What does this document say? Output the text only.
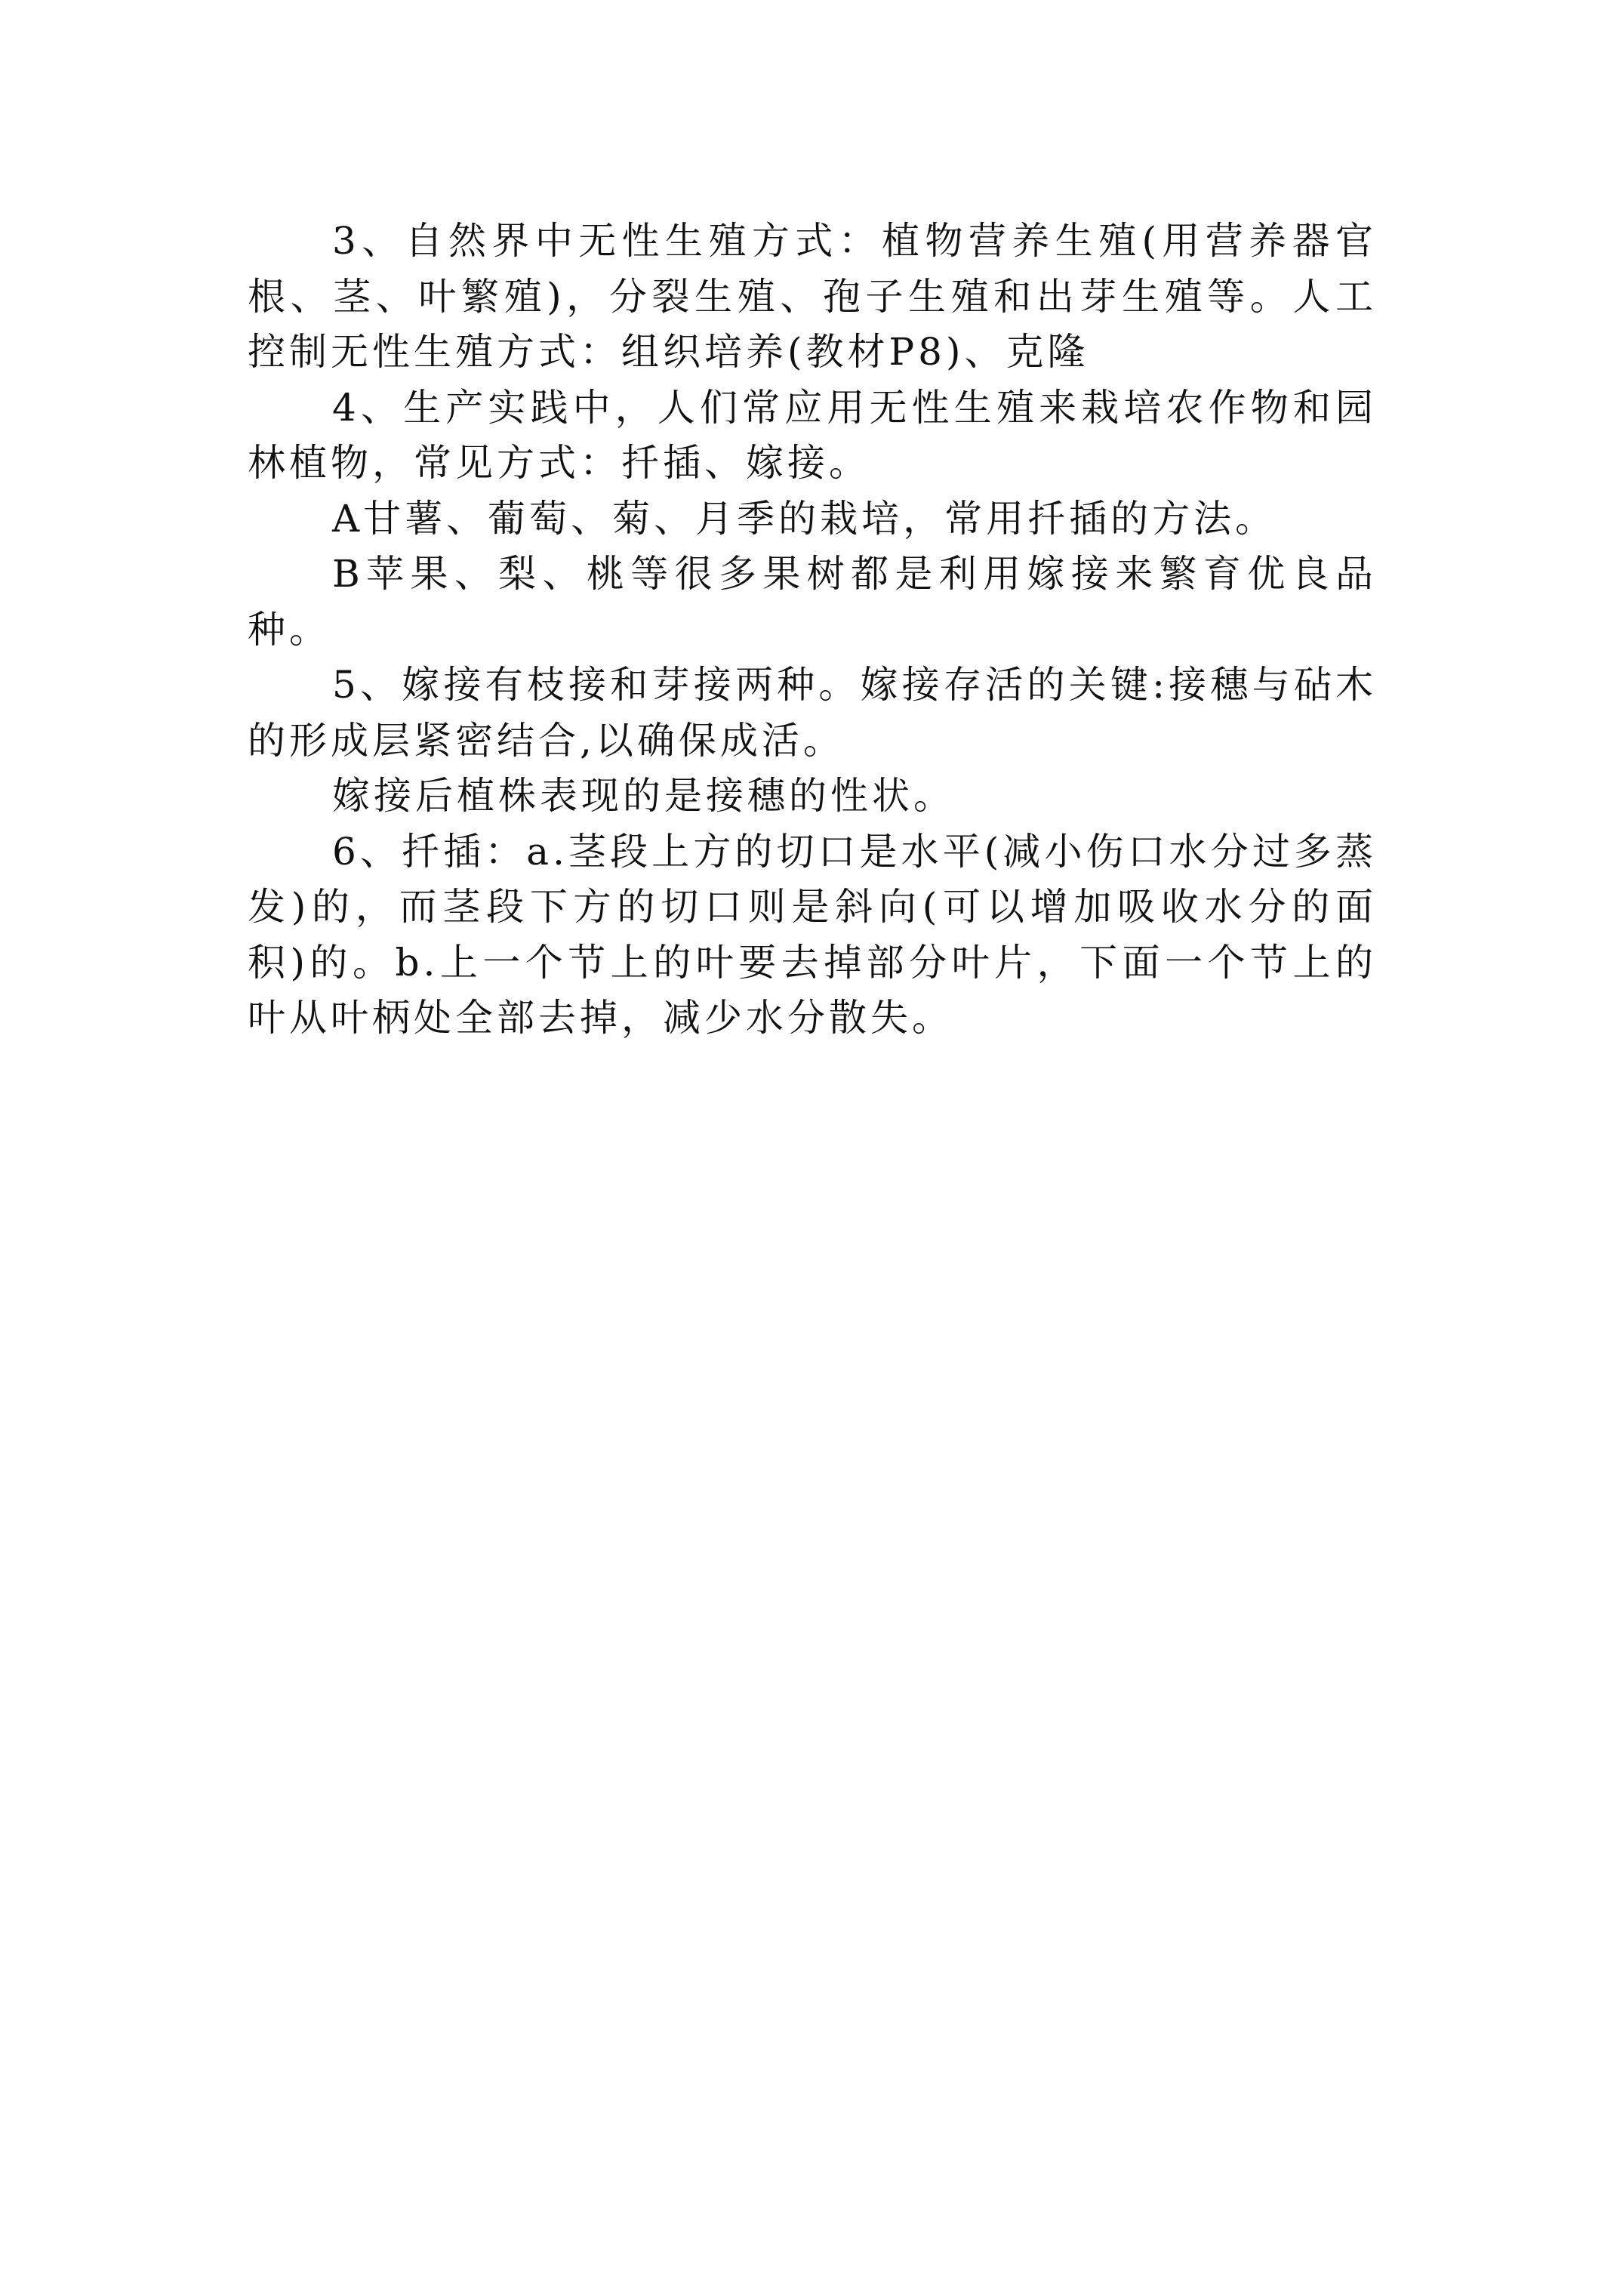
3、自然界中无性生殖方式：植物营养生殖(用营养器官根、茎、叶繁殖)，分裂生殖、孢子生殖和出芽生殖等。人工控制无性生殖方式：组织培养(教材P8)、克隆

4、生产实践中，人们常应用无性生殖来栽培农作物和园林植物，常见方式：扦插、嫁接。

A甘薯、葡萄、菊、月季的栽培，常用扦插的方法。

B苹果、梨、桃等很多果树都是利用嫁接来繁育优良品种。

5、嫁接有枝接和芽接两种。嫁接存活的关键:接穗与砧木的形成层紧密结合,以确保成活。

嫁接后植株表现的是接穗的性状。

6、扦插：a.茎段上方的切口是水平(减小伤口水分过多蒸发)的，而茎段下方的切口则是斜向(可以增加吸收水分的面积)的。b.上一个节上的叶要去掉部分叶片，下面一个节上的叶从叶柄处全部去掉，减少水分散失。
